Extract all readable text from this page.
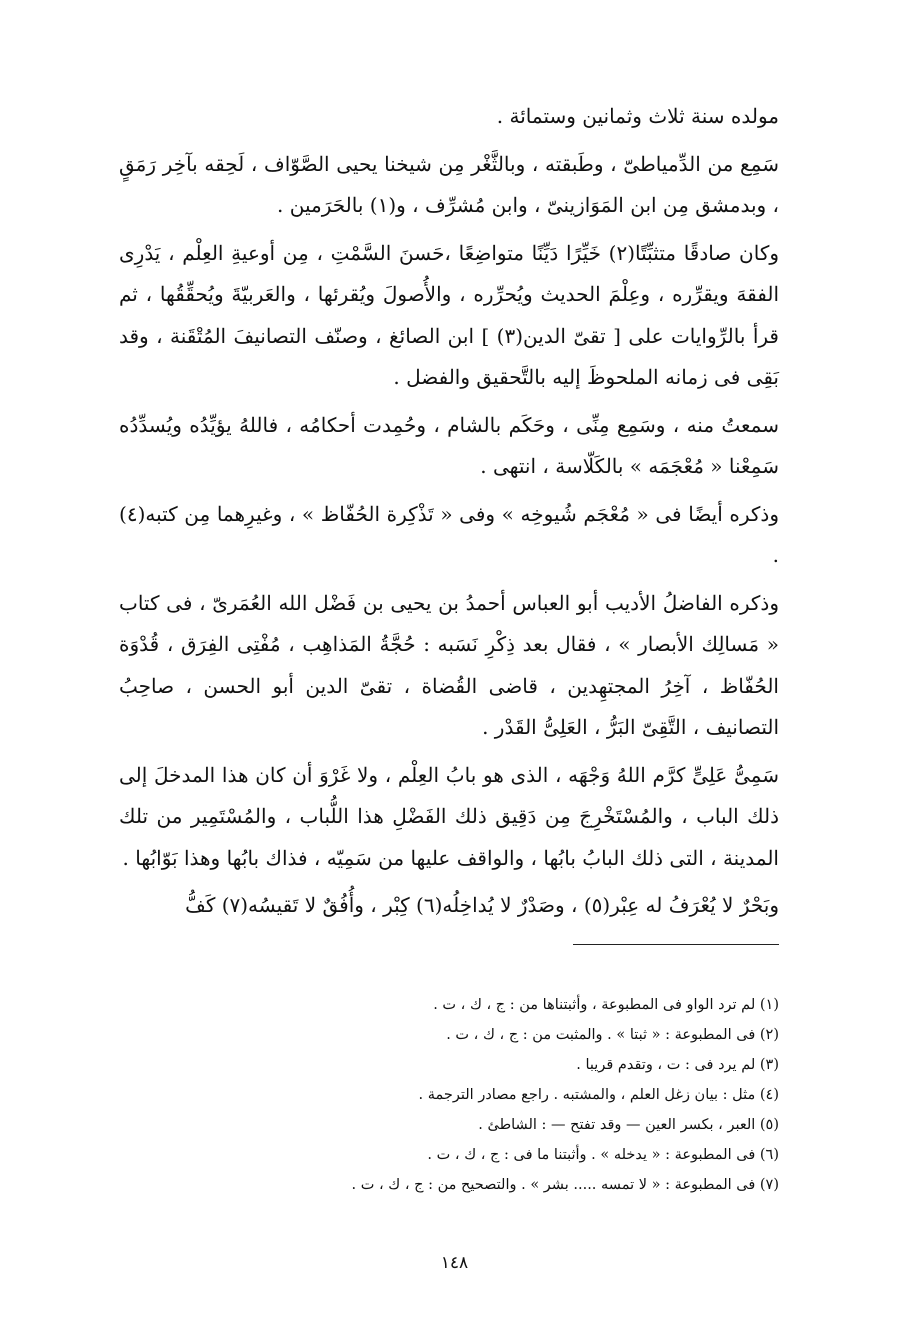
مولده سنة ثلاث وثمانين وستمائة .

سَمِع من الدِّمياطىّ ، وطَبقته ، وبالثَّغْر مِن شيخنا يحيى الصَّوّاف ، لَحِقه بآخِر رَمَقٍ ، وبدمشق مِن ابن المَوَازينىّ ، وابن مُشرِّف ، و(١) بالحَرَمين .

وكان صادقًا متثبِّتًا(٢) خَيِّرًا دَيِّنًا متواضِعًا ،حَسنَ السَّمْتِ ، مِن أوعيةِ العِلْم ، يَدْرِى الفقهَ ويقرِّره ، وعِلْمَ الحديث ويُحرِّره ، والأُصولَ ويُقرئها ، والعَربيّةَ ويُحقِّقُها ، ثم قرأ بالرِّوايات على [ تقىّ الدين(٣) ] ابن الصائغ ، وصنّف التصانيفَ المُتْقَنة ، وقد بَقِى فى زمانه الملحوظَ إليه بالتَّحقيق والفضل .

سمعتُ منه ، وسَمِع مِنِّى ، وحَكَم بالشام ، وحُمِدت أحكامُه ، فاللهُ يؤيِّدُه ويُسدِّدُه سَمِعْنا « مُعْجَمَه » بالكَلّاسة ، انتهى .

وذكره أيضًا فى « مُعْجَم شُيوخِه » وفى « تَذْكِرة الحُفّاظ » ، وغيرِهما مِن كتبه(٤) .

وذكره الفاضلُ الأديب أبو العباس أحمدُ بن يحيى بن فَضْل الله العُمَرىّ ، فى كتاب « مَسالِك الأبصار » ، فقال بعد ذِكْرِ نَسَبه : حُجَّةُ المَذاهِب ، مُفْتِى الفِرَق ، قُدْوَة الحُفّاظ ، آخِرُ المجتهِدين ، قاضى القُضاة ، تقىّ الدين أبو الحسن ، صاحِبُ التصانيف ، التَّقِىّ البَرُّ ، العَلِىُّ القَدْر .

سَمِىُّ عَلِىٍّ كرَّم اللهُ وَجْهَه ، الذى هو بابُ العِلْم ، ولا غَرْوَ أن كان هذا المدخلَ إلى ذلك الباب ، والمُسْتَخْرِجَ مِن دَقِيق ذلك الفَضْلِ هذا اللُّباب ، والمُسْتَمِير من تلك المدينة ، التى ذلك البابُ بابُها ، والواقف عليها من سَمِيّه ، فذاك بابُها وهذا بَوّابُها .

وبَحْرٌ لا يُعْرَفُ له عِبْر(٥) ، وصَدْرٌ لا يُداخِلُه(٦) كِبْر ، وأُفُقٌ لا تَقيسُه(٧) كَفُّ

(١) لم ترد الواو فى المطبوعة ، وأثبتناها من : ج ، ك ، ت .
(٢) فى المطبوعة : « ثبتا » . والمثبت من : ج ، ك ، ت .
(٣) لم يرد فى : ت ، وتقدم قريبا .
(٤) مثل : بيان زغل العلم ، والمشتبه . راجع مصادر الترجمة .
(٥) العبر ، بكسر العين — وقد تفتح — : الشاطئ .
(٦) فى المطبوعة : « يدخله » . وأثبتنا ما فى : ج ، ك ، ت .
(٧) فى المطبوعة : « لا تمسه ..... بشر » . والتصحيح من : ج ، ك ، ت .
١٤٨
